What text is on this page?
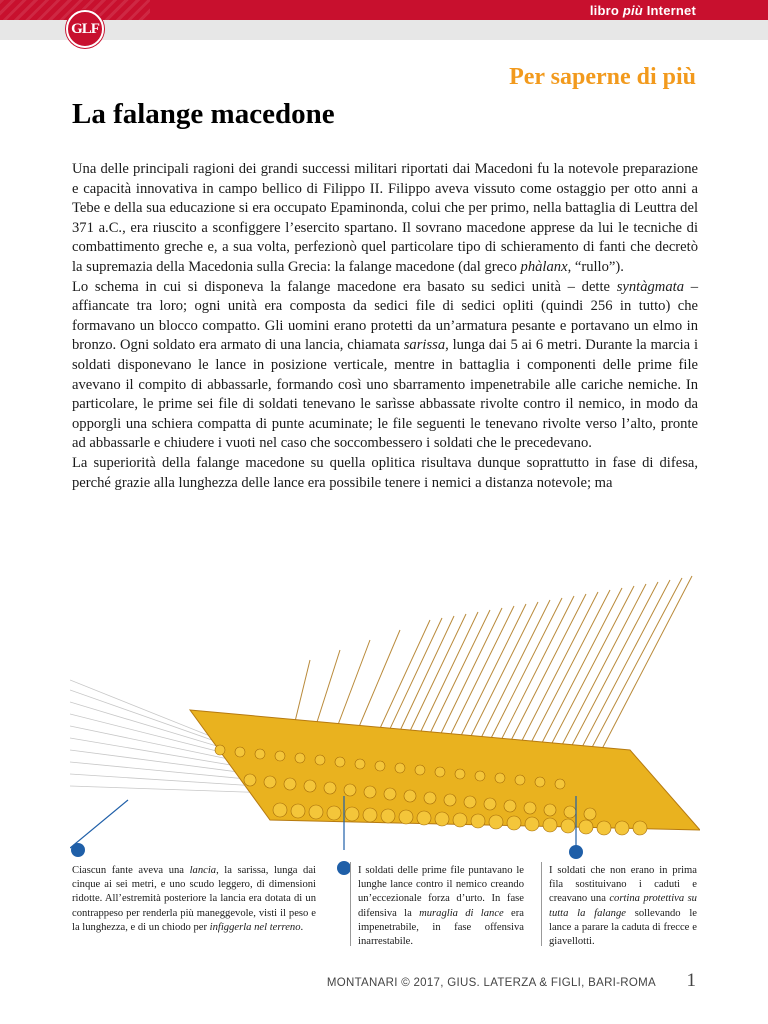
libro più Internet
GLF
Per saperne di più
La falange macedone

Una delle principali ragioni dei grandi successi militari riportati dai Macedoni fu la notevole preparazione e capacità innovativa in campo bellico di Filippo II. Filippo aveva vissuto come ostaggio per otto anni a Tebe e della sua educazione si era occupato Epaminonda, colui che per primo, nella battaglia di Leuttra del 371 a.C., era riuscito a sconfiggere l’esercito spartano. Il sovrano macedone apprese da lui le tecniche di combattimento greche e, a sua volta, perfezionò quel particolare tipo di schieramento di fanti che decretò la supremazia della Macedonia sulla Grecia: la falange macedone (dal greco phàlanx, “rullo”).

Lo schema in cui si disponeva la falange macedone era basato su sedici unità – dette syntàgmata – affiancate tra loro; ogni unità era composta da sedici file di sedici opliti (quindi 256 in tutto) che formavano un blocco compatto. Gli uomini erano protetti da un’armatura pesante e portavano un elmo in bronzo. Ogni soldato era armato di una lancia, chiamata sarissa, lunga dai 5 ai 6 metri. Durante la marcia i soldati disponevano le lance in posizione verticale, mentre in battaglia i componenti delle prime file avevano il compito di abbassarle, formando così uno sbarramento impenetrabile alle cariche nemiche. In particolare, le prime sei file di soldati tenevano le sarìsse abbassate rivolte contro il nemico, in modo da opporgli una schiera compatta di punte acuminate; le file seguenti le tenevano rivolte verso l’alto, pronte ad abbassarle e chiudere i vuoti nel caso che soccombessero i soldati che le precedevano.

La superiorità della falange macedone su quella oplitica risultava dunque soprattutto in fase di difesa, perché grazie alla lunghezza delle lance era possibile tenere i nemici a distanza notevole; ma

Ciascun fante aveva una lancia, la sarissa, lunga dai cinque ai sei metri, e uno scudo leggero, di dimensioni ridotte. All’estremità posteriore la lancia era dotata di un contrappeso per renderla più maneggevole, visti il peso e la lunghezza, e di un chiodo per infiggerla nel terreno.
I soldati delle prime file puntavano le lunghe lance contro il nemico creando un’eccezionale forza d’urto. In fase difensiva la muraglia di lance era impenetrabile, in fase offensiva inarrestabile.
I soldati che non erano in prima fila sostituivano i caduti e creavano una cortina protettiva su tutta la falange sollevando le lance a parare la caduta di frecce e giavellotti.
MONTANARI © 2017, GIUS. LATERZA & FIGLI, BARI-ROMA 1
